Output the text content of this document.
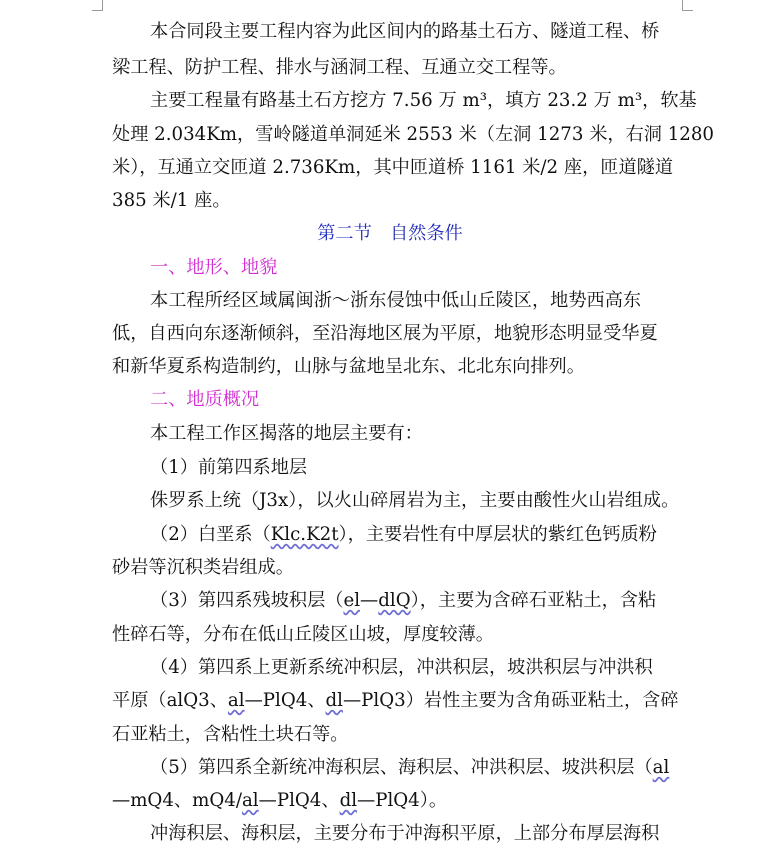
本合同段主要工程内容为此区间内的路基土石方、隧道工程、桥
梁工程、防护工程、排水与涵洞工程、互通立交工程等。
主要工程量有路基土石方挖方 7.56 万 m³，填方 23.2 万 m³，软基
处理 2.034Km，雪岭隧道单洞延米 2553 米（左洞 1273 米，右洞 1280
米），互通立交匝道 2.736Km，其中匝道桥 1161 米/2 座，匝道隧道
385 米/1 座。
第二节　自然条件
一、地形、地貌
本工程所经区域属闽浙～浙东侵蚀中低山丘陵区，地势西高东
低，自西向东逐渐倾斜，至沿海地区展为平原，地貌形态明显受华夏
和新华夏系构造制约，山脉与盆地呈北东、北北东向排列。
二、地质概况
本工程工作区揭落的地层主要有：
（1）前第四系地层
侏罗系上统（J3x），以火山碎屑岩为主，主要由酸性火山岩组成。
（2）白垩系（Klc.K2t），主要岩性有中厚层状的紫红色钙质粉
砂岩等沉积类岩组成。
（3）第四系残坡积层（el—dlQ），主要为含碎石亚粘土，含粘
性碎石等，分布在低山丘陵区山坡，厚度较薄。
（4）第四系上更新系统冲积层，冲洪积层，坡洪积层与冲洪积
平原（alQ3、al—PlQ4、dl—PlQ3）岩性主要为含角砾亚粘土，含碎
石亚粘土，含粘性土块石等。
（5）第四系全新统冲海积层、海积层、冲洪积层、坡洪积层（al
—mQ4、mQ4/al—PlQ4、dl—PlQ4）。
冲海积层、海积层，主要分布于冲海积平原，上部分布厚层海积
